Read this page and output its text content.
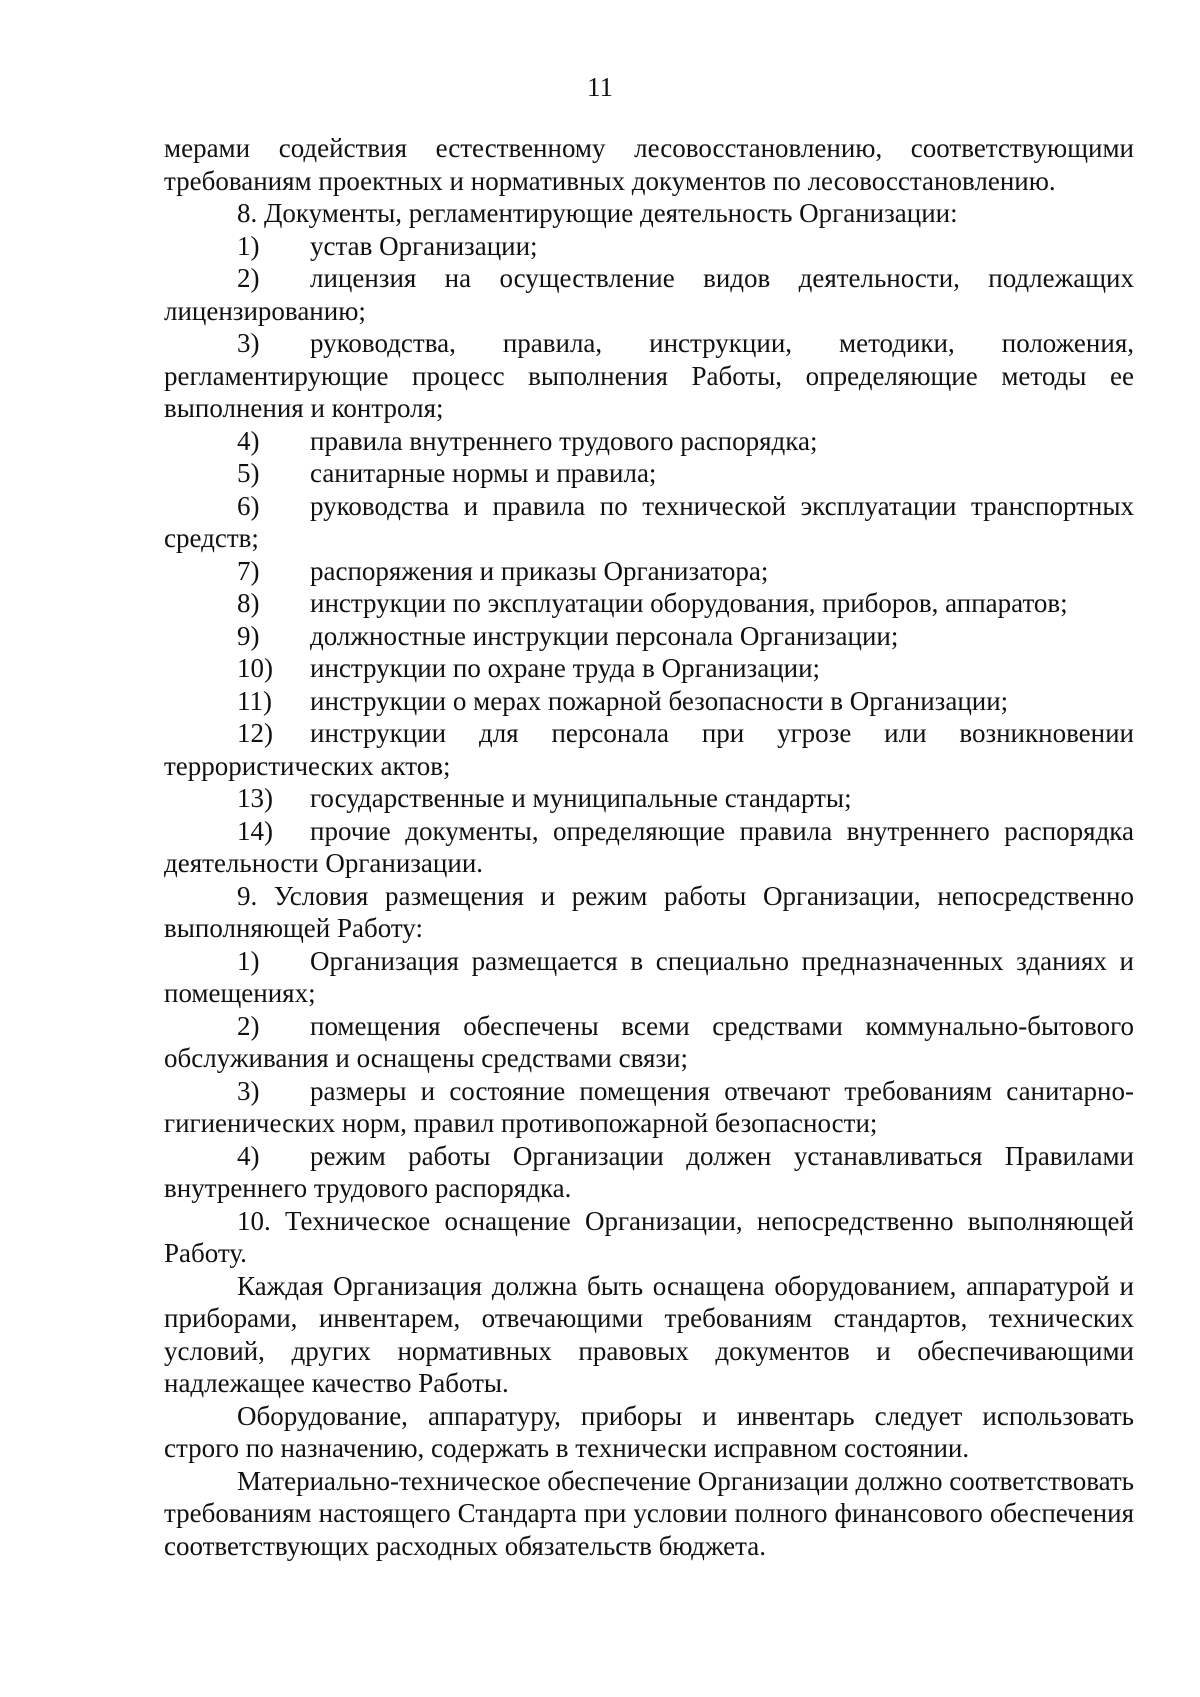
11

мерами содействия естественному лесовосстановлению, соответствующими требованиям проектных и нормативных документов по лесовосстановлению.

8. Документы, регламентирующие деятельность Организации:

1) устав Организации;

2) лицензия на осуществление видов деятельности, подлежащих лицензированию;

3) руководства, правила, инструкции, методики, положения, регламентирующие процесс выполнения Работы, определяющие методы ее выполнения и контроля;

4) правила внутреннего трудового распорядка;

5) санитарные нормы и правила;

6) руководства и правила по технической эксплуатации транспортных средств;

7) распоряжения и приказы Организатора;

8) инструкции по эксплуатации оборудования, приборов, аппаратов;

9) должностные инструкции персонала Организации;

10) инструкции по охране труда в Организации;

11) инструкции о мерах пожарной безопасности в Организации;

12) инструкции для персонала при угрозе или возникновении террористических актов;

13) государственные и муниципальные стандарты;

14) прочие документы, определяющие правила внутреннего распорядка деятельности Организации.

9. Условия размещения и режим работы Организации, непосредственно выполняющей Работу:

1) Организация размещается в специально предназначенных зданиях и помещениях;

2) помещения обеспечены всеми средствами коммунально-бытового обслуживания и оснащены средствами связи;

3) размеры и состояние помещения отвечают требованиям санитарно-гигиенических норм, правил противопожарной безопасности;

4) режим работы Организации должен устанавливаться Правилами внутреннего трудового распорядка.

10. Техническое оснащение Организации, непосредственно выполняющей Работу.

Каждая Организация должна быть оснащена оборудованием, аппаратурой и приборами, инвентарем, отвечающими требованиям стандартов, технических условий, других нормативных правовых документов и обеспечивающими надлежащее качество Работы.

Оборудование, аппаратуру, приборы и инвентарь следует использовать строго по назначению, содержать в технически исправном состоянии.

Материально-техническое обеспечение Организации должно соответствовать требованиям настоящего Стандарта при условии полного финансового обеспечения соответствующих расходных обязательств бюджета.
